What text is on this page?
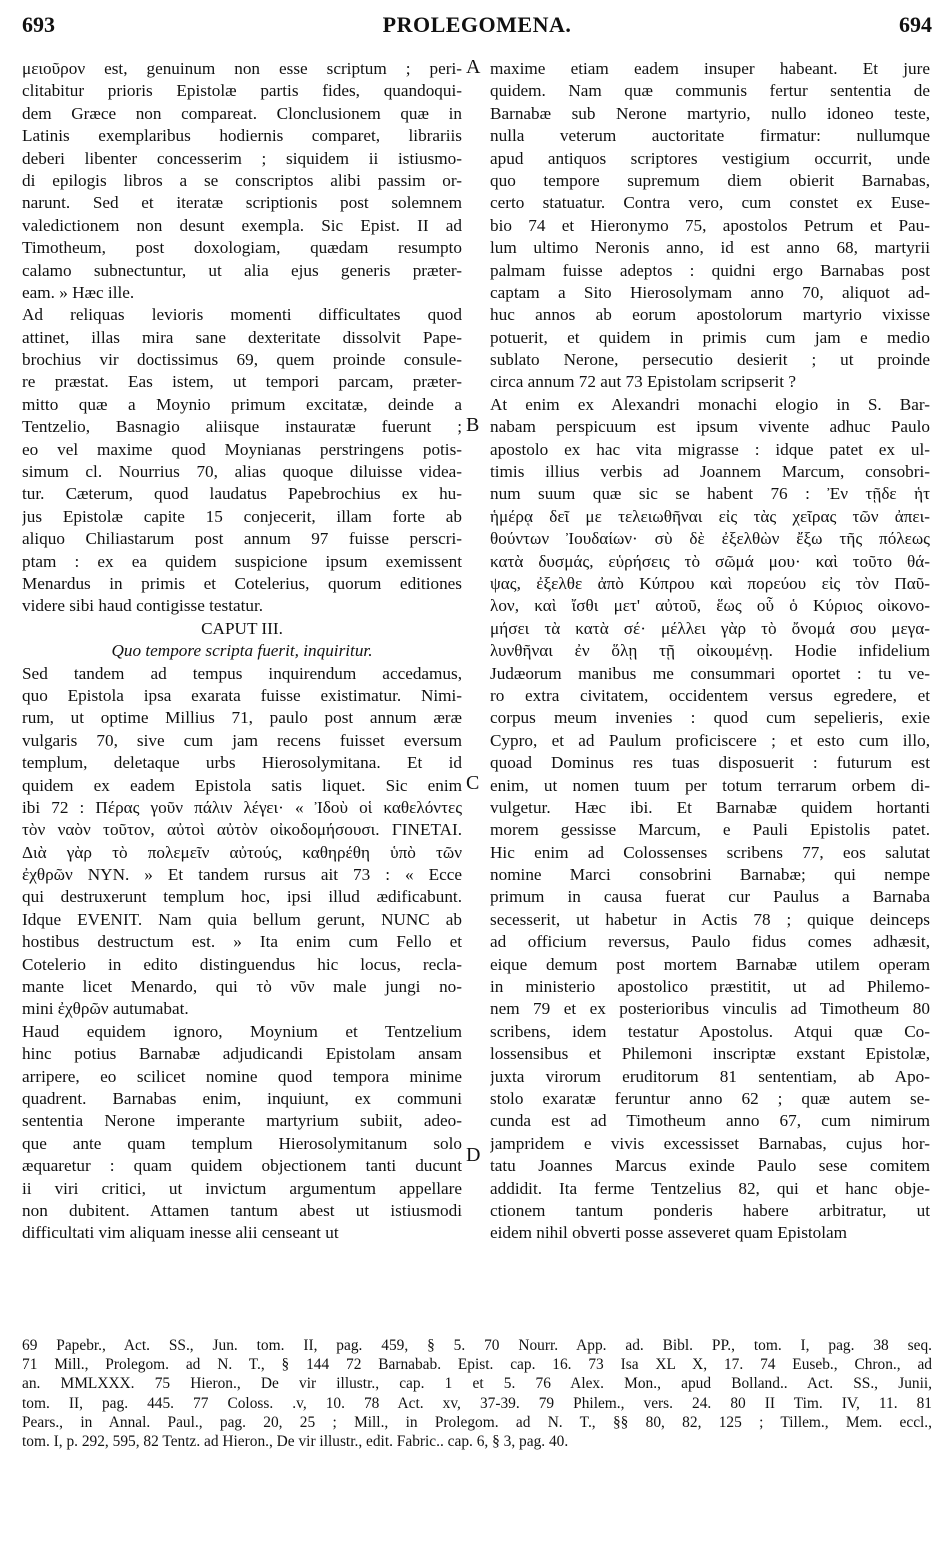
PROLEGOMENA.
693	694
μειοῦρον est, genuinum non esse scriptum ; peri-
clitabitur prioris Epistolæ partis fides, quandoqui-
dem Græce non compareat. Clonclusionem quæ in
Latinis exemplaribus hodiernis comparet, librariis
deberi libenter concesserim ; siquidem ii istiusmo-
di epilogis libros a se conscriptos alibi passim or-
narunt. Sed et iteratæ scriptionis post solemnem
valedictionem non desunt exempla. Sic Epist. II ad
Timotheum, post doxologiam, quædam resumpto
calamo subnectuntur, ut alia ejus generis præter-
eam. » Hæc ille.
Ad reliquas levioris momenti difficultates quod
attinet, illas mira sane dexteritate dissolvit Pape-
brochius vir doctissimus 69, quem proinde consule-
re præstat. Eas istem, ut tempori parcam, præter-
mitto quæ a Moynio primum excitatæ, deinde a
Tentzelio, Basnagio aliisque instauratæ fuerunt ;
eo vel maxime quod Moynianas perstringens potis-
simum cl. Nourrius 70, alias quoque diluisse videa-
tur. Cæterum, quod laudatus Papebrochius ex hu-
jus Epistolæ capite 15 conjecerit, illam forte ab
aliquo Chiliastarum post annum 97 fuisse perscri-
ptam : ex ea quidem suspicione ipsum exemissent
Menardus in primis et Cotelerius, quorum editiones
videre sibi haud contigisse testatur.
CAPUT III.
Quo tempore scripta fuerit, inquiritur.
Sed tandem ad tempus inquirendum accedamus,
quo Epistola ipsa exarata fuisse existimatur. Nimi-
rum, ut optime Millius 71, paulo post annum æræ
vulgaris 70, sive cum jam recens fuisset eversum
templum, deletaque urbs Hierosolymitana. Et id
quidem ex eadem Epistola satis liquet. Sic enim
ibi 72 : Πέρας γοῦν πάλιν λέγει· « Ἰδοὺ οἱ καθελόντες
τὸν ναὸν τοῦτον, αὐτοὶ αὐτὸν οἰκοδομήσουσι. ΓΙΝΕΤΑΙ.
Διὰ γὰρ τὸ πολεμεῖν αὐτούς, καθηρέθη ὑπὸ τῶν
ἐχθρῶν ΝΥΝ. » Et tandem rursus ait 73 : « Ecce
qui destruxerunt templum hoc, ipsi illud ædificabunt.
Idque EVENIT. Nam quia bellum gerunt, NUNC ab
hostibus destructum est. » Ita enim cum Fello et
Cotelerio in edito distinguendus hic locus, recla-
mante licet Menardo, qui τὸ νῦν male jungi no-
mini ἐχθρῶν autumabat.
Haud equidem ignoro, Moynium et Tentzelium
hinc potius Barnabæ adjudicandi Epistolam ansam
arripere, eo scilicet nomine quod tempora minime
quadrent. Barnabas enim, inquiunt, ex communi
sententia Nerone imperante martyrium subiit, adeo-
que ante quam templum Hierosolymitanum solo
æquaretur : quam quidem objectionem tanti ducunt
ii viri critici, ut invictum argumentum appellare
non dubitent. Attamen tantum abest ut istiusmodi
difficultati vim aliquam inesse alii censeant ut
maxime etiam eadem insuper habeant. Et jure
quidem. Nam quæ communis fertur sententia de
Barnabæ sub Nerone martyrio, nullo idoneo teste,
nulla veterum auctoritate firmatur: nullumque
apud antiquos scriptores vestigium occurrit, unde
quo tempore supremum diem obierit Barnabas,
certo statuatur. Contra vero, cum constet ex Euse-
bio 74 et Hieronymo 75, apostolos Petrum et Pau-
lum ultimo Neronis anno, id est anno 68, martyrii
palmam fuisse adeptos : quidni ergo Barnabas post
captam a Sito Hierosolymam anno 70, aliquot ad-
huc annos ab eorum apostolorum martyrio vixisse
potuerit, et quidem in primis cum jam e medio
sublato Nerone, persecutio desierit ; ut proinde
circa annum 72 aut 73 Epistolam scripserit ?
At enim ex Alexandri monachi elogio in S. Bar-
nabam perspicuum est ipsum vivente adhuc Paulo
apostolo ex hac vita migrasse : idque patet ex ul-
timis illius verbis ad Joannem Marcum, consobri-
num suum quæ sic se habent 76 : Ἐν τῇδε ἡτ
ἡμέρᾳ δεῖ με τελειωθῆναι εἰς τὰς χεῖρας τῶν ἀπει-
θούντων Ἰουδαίων· σὺ δὲ ἐξελθὼν ἔξω τῆς πόλεως
κατὰ δυσμάς, εὑρήσεις τὸ σῶμά μου· καὶ τοῦτο θά-
ψας, ἐξελθε ἀπὸ Κύπρου καὶ πορεύου εἰς τὸν Παῦ-
λον, καὶ ἴσθι μετ' αὐτοῦ, ἕως οὗ ὁ Κύριος οἰκονο-
μήσει τὰ κατὰ σέ· μέλλει γὰρ τὸ ὄνομά σου μεγα-
λυνθῆναι ἐν ὅλῃ τῇ οἰκουμένῃ. Hodie infidelium
Judæorum manibus me consummari oportet : tu ve-
ro extra civitatem, occidentem versus egredere, et
corpus meum invenies : quod cum sepelieris, exie
Cypro, et ad Paulum proficiscere ; et esto cum illo,
quoad Dominus res tuas disposuerit : futurum est
enim, ut nomen tuum per totum terrarum orbem di-
vulgetur. Hæc ibi. Et Barnabæ quidem hortanti
morem gessisse Marcum, e Pauli Epistolis patet.
Hic enim ad Colossenses scribens 77, eos salutat
nomine Marci consobrini Barnabæ; qui nempe
primum in causa fuerat cur Paulus a Barnaba
secesserit, ut habetur in Actis 78 ; quique deinceps
ad officium reversus, Paulo fidus comes adhæsit,
eique demum post mortem Barnabæ utilem operam
in ministerio apostolico præstitit, ut ad Philemo-
nem 79 et ex posterioribus vinculis ad Timotheum 80
scribens, idem testatur Apostolus. Atqui quæ Co-
lossensibus et Philemoni inscriptæ exstant Epistolæ,
juxta virorum eruditorum 81 sententiam, ab Apo-
stolo exaratæ feruntur anno 62 ; quæ autem se-
cunda est ad Timotheum anno 67, cum nimirum
jampridem e vivis excessisset Barnabas, cujus hor-
tatu Joannes Marcus exinde Paulo sese comitem
addidit. Ita ferme Tentzelius 82, qui et hanc obje-
ctionem tantum ponderis habere arbitratur, ut
eidem nihil obverti posse asseveret quam Epistolam
A
B
C
D
69 Papebr., Act. SS., Jun. tom. II, pag. 459, § 5. 70 Nourr. App. ad. Bibl. PP., tom. I, pag. 38 seq.
71 Mill., Prolegom. ad N. T., § 144 72 Barnabab. Epist. cap. 16. 73 Isa XL X, 17. 74 Euseb., Chron., ad
an. MMLXXX. 75 Hieron., De vir illustr., cap. 1 et 5. 76 Alex. Mon., apud Bolland.. Act. SS., Junii,
tom. II, pag. 445. 77 Coloss. .v, 10. 78 Act. xv, 37-39. 79 Philem., vers. 24. 80 II Tim. IV, 11. 81
Pears., in Annal. Paul., pag. 20, 25 ; Mill., in Prolegom. ad N. T., §§ 80, 82, 125 ; Tillem., Mem. eccl.,
tom. I, p. 292, 595, 82 Tentz. ad Hieron., De vir illustr., edit. Fabric.. cap. 6, § 3, pag. 40.
